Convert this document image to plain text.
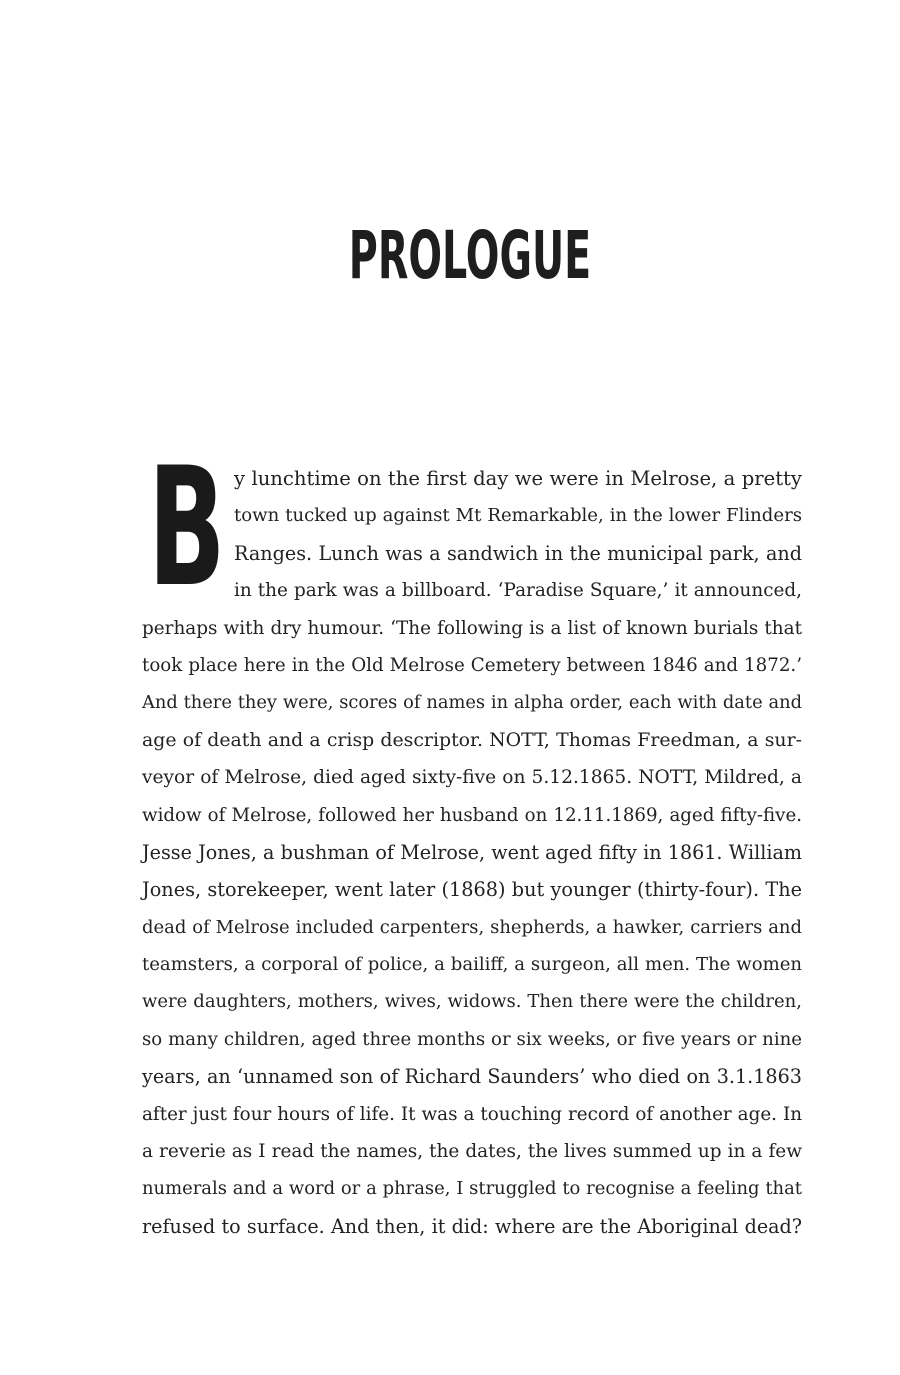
PROLOGUE
B y lunchtime on the first day we were in Melrose, a pretty
town tucked up against Mt Remarkable, in the lower Flinders
Ranges. Lunch was a sandwich in the municipal park, and
in the park was a billboard. ‘Paradise Square,’ it announced,
perhaps with dry humour. ‘The following is a list of known burials that
took place here in the Old Melrose Cemetery between 1846 and 1872.’
And there they were, scores of names in alpha order, each with date and
age of death and a crisp descriptor. NOTT, Thomas Freedman, a sur-
veyor of Melrose, died aged sixty-five on 5.12.1865. NOTT, Mildred, a
widow of Melrose, followed her husband on 12.11.1869, aged fifty-five.
Jesse Jones, a bushman of Melrose, went aged fifty in 1861. William
Jones, storekeeper, went later (1868) but younger (thirty-four). The
dead of Melrose included carpenters, shepherds, a hawker, carriers and
teamsters, a corporal of police, a bailiff, a surgeon, all men. The women
were daughters, mothers, wives, widows. Then there were the children,
so many children, aged three months or six weeks, or five years or nine
years, an ‘unnamed son of Richard Saunders’ who died on 3.1.1863
after just four hours of life. It was a touching record of another age. In
a reverie as I read the names, the dates, the lives summed up in a few
numerals and a word or a phrase, I struggled to recognise a feeling that
refused to surface. And then, it did: where are the Aboriginal dead?
